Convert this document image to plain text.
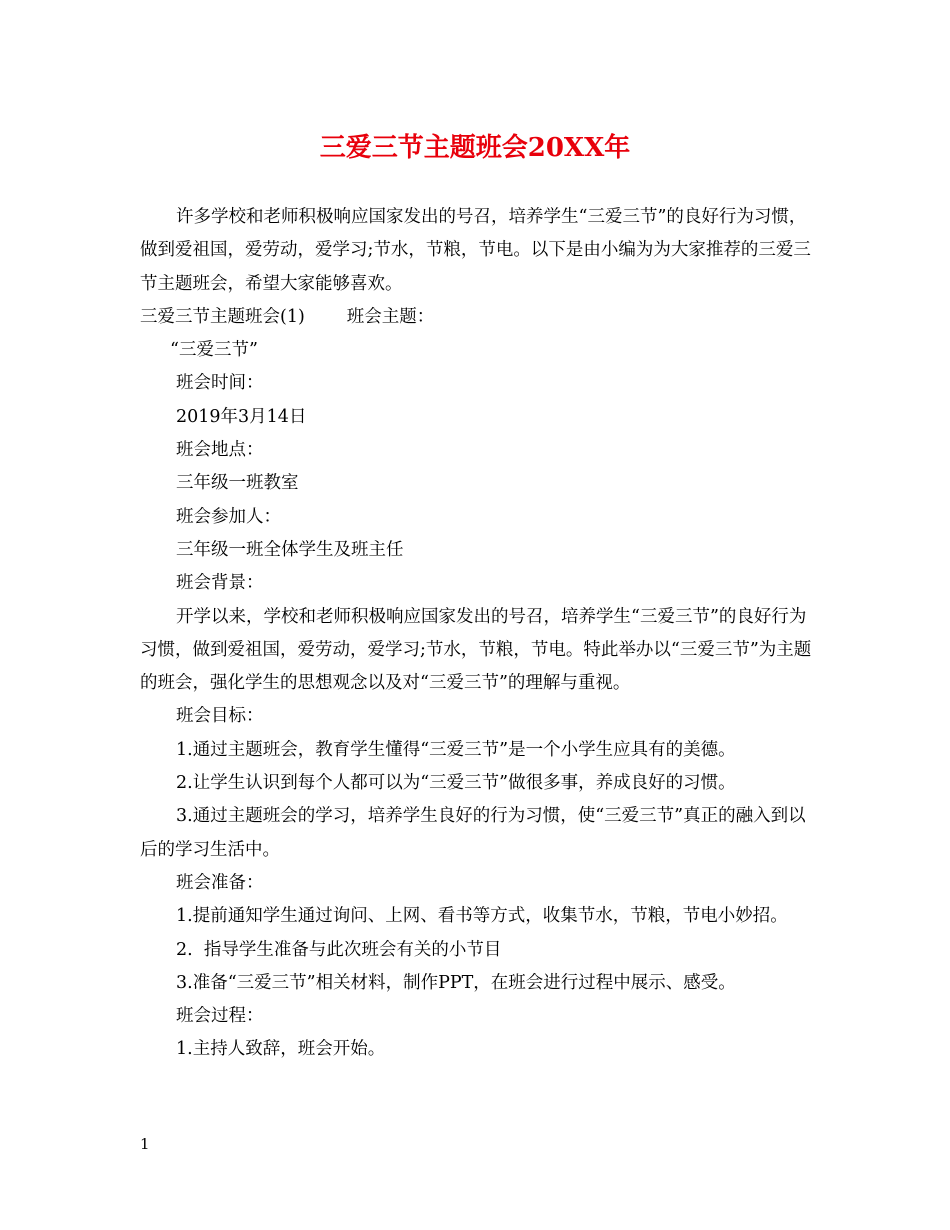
三爱三节主题班会20XX年

许多学校和老师积极响应国家发出的号召，培养学生“三爱三节”的良好行为习惯，做到爱祖国，爱劳动，爱学习;节水，节粮，节电。以下是由小编为为大家推荐的三爱三节主题班会，希望大家能够喜欢。

三爱三节主题班会(1) 班会主题：

“三爱三节”

班会时间：

2019年3月14日

班会地点：

三年级一班教室

班会参加人：

三年级一班全体学生及班主任

班会背景：

开学以来，学校和老师积极响应国家发出的号召，培养学生“三爱三节”的良好行为习惯，做到爱祖国，爱劳动，爱学习;节水，节粮，节电。特此举办以“三爱三节”为主题的班会，强化学生的思想观念以及对“三爱三节”的理解与重视。

班会目标：

1.通过主题班会，教育学生懂得“三爱三节”是一个小学生应具有的美德。

2.让学生认识到每个人都可以为“三爱三节”做很多事，养成良好的习惯。

3.通过主题班会的学习，培养学生良好的行为习惯，使“三爱三节”真正的融入到以后的学习生活中。

班会准备：

1.提前通知学生通过询问、上网、看书等方式，收集节水，节粮，节电小妙招。

2.  指导学生准备与此次班会有关的小节目

3.准备“三爱三节”相关材料，制作PPT，在班会进行过程中展示、感受。

班会过程：

1.主持人致辞，班会开始。

1
